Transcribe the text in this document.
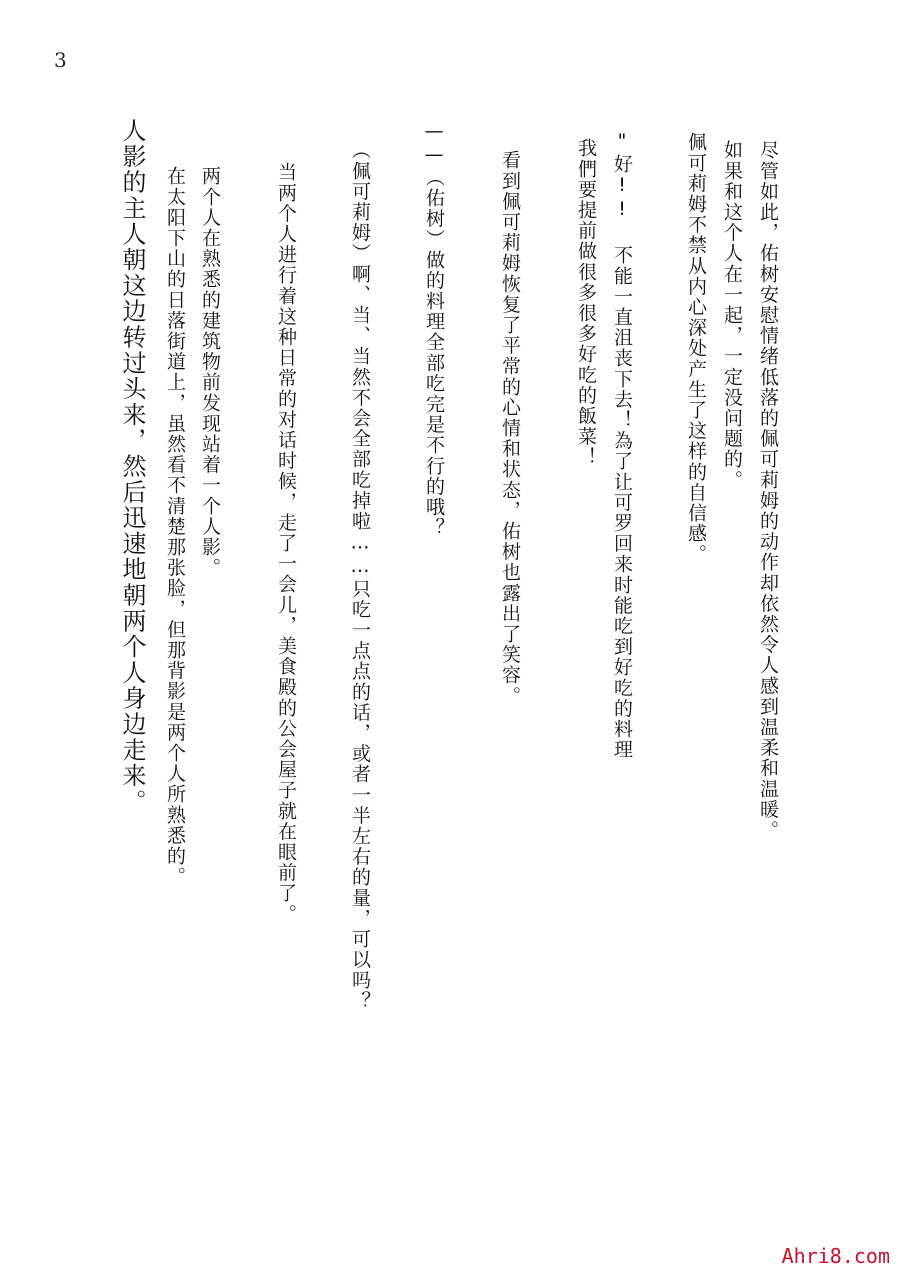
3
尽管如此，佑树安慰情绪低落的佩可莉姆的动作却依然令人感到温柔和温暖。
如果和这个人在一起，一定没问题的。
佩可莉姆不禁从内心深处产生了这样的自信感。
"好!! 不能一直沮丧下去！為了让可罗回来时能吃到好吃的料理
我們要提前做很多很多好吃的飯菜！
看到佩可莉姆恢复了平常的心情和状态，佑树也露出了笑容。
——（佑树）做的料理全部吃完是不行的哦？
（佩可莉姆）啊、当、当然不会全部吃掉啦……只吃一点点的话，或者一半左右的量，可以吗？
当两个人进行着这种日常的对话时候，走了一会儿，美食殿的公会屋子就在眼前了。
两个人在熟悉的建筑物前发现站着一个人影。
在太阳下山的日落街道上，虽然看不清楚那张脸，但那背影是两个人所熟悉的。
人影的主人朝这边转过头来，然后迅速地朝两个人身边走来。
Ahri8.com
